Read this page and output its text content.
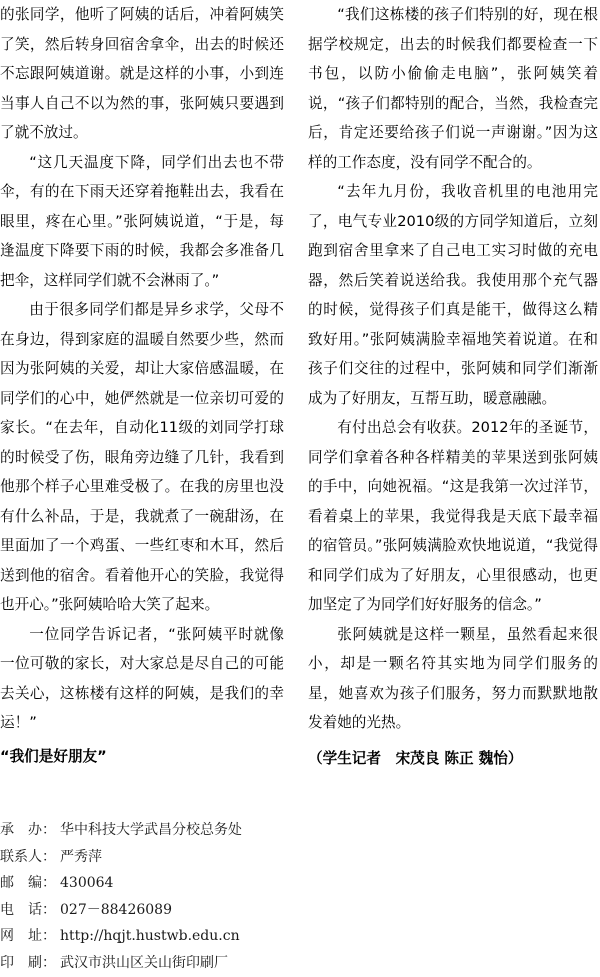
的张同学，他听了阿姨的话后，冲着阿姨笑了笑，然后转身回宿舍拿伞，出去的时候还不忘跟阿姨道谢。就是这样的小事，小到连当事人自己不以为然的事，张阿姨只要遇到了就不放过。

“这几天温度下降，同学们出去也不带伞，有的在下雨天还穿着拖鞋出去，我看在眼里，疼在心里。”张阿姨说道，“于是，每逢温度下降要下雨的时候，我都会多准备几把伞，这样同学们就不会淋雨了。”

由于很多同学们都是异乡求学，父母不在身边，得到家庭的温暖自然要少些，然而因为张阿姨的关爱，却让大家倍感温暖，在同学们的心中，她俨然就是一位亲切可爱的家长。“在去年，自动化11级的刘同学打球的时候受了伤，眼角旁边缝了几针，我看到他那个样子心里难受极了。在我的房里也没有什么补品，于是，我就煮了一碗甜汤，在里面加了一个鸡蛋、一些红枣和木耳，然后送到他的宿舍。看着他开心的笑脸，我觉得也开心。”张阿姨哈哈大笑了起来。

一位同学告诉记者，“张阿姨平时就像一位可敬的家长，对大家总是尽自己的可能去关心，这栋楼有这样的阿姨，是我们的幸运！”

“我们是好朋友”

“我们这栋楼的孩子们特别的好，现在根据学校规定，出去的时候我们都要检查一下书包，以防小偷偷走电脑”，张阿姨笑着说，“孩子们都特别的配合，当然，我检查完后，肯定还要给孩子们说一声谢谢。”因为这样的工作态度，没有同学不配合的。

“去年九月份，我收音机里的电池用完了，电气专业2010级的方同学知道后，立刻跑到宿舍里拿来了自己电工实习时做的充电器，然后笑着说送给我。我使用那个充气器的时候，觉得孩子们真是能干，做得这么精致好用。”张阿姨满脸幸福地笑着说道。在和孩子们交往的过程中，张阿姨和同学们渐渐成为了好朋友，互帮互助，暖意融融。

有付出总会有收获。2012年的圣诞节，同学们拿着各种各样精美的苹果送到张阿姨的手中，向她祝福。“这是我第一次过洋节，看着桌上的苹果，我觉得我是天底下最幸福的宿管员。”张阿姨满脸欢快地说道，“我觉得和同学们成为了好朋友，心里很感动，也更加坚定了为同学们好好服务的信念。”

张阿姨就是这样一颗星，虽然看起来很小，却是一颗名符其实地为同学们服务的星，她喜欢为孩子们服务，努力而默默地散发着她的光热。

（学生记者　宋茂良 陈正 魏怡）

承　办： 华中科技大学武昌分校总务处
联系人： 严秀萍
邮　编： 430064
电　话： 027－88426089
网　址： http://hqjt.hustwb.edu.cn
印　刷： 武汉市洪山区关山街印刷厂
